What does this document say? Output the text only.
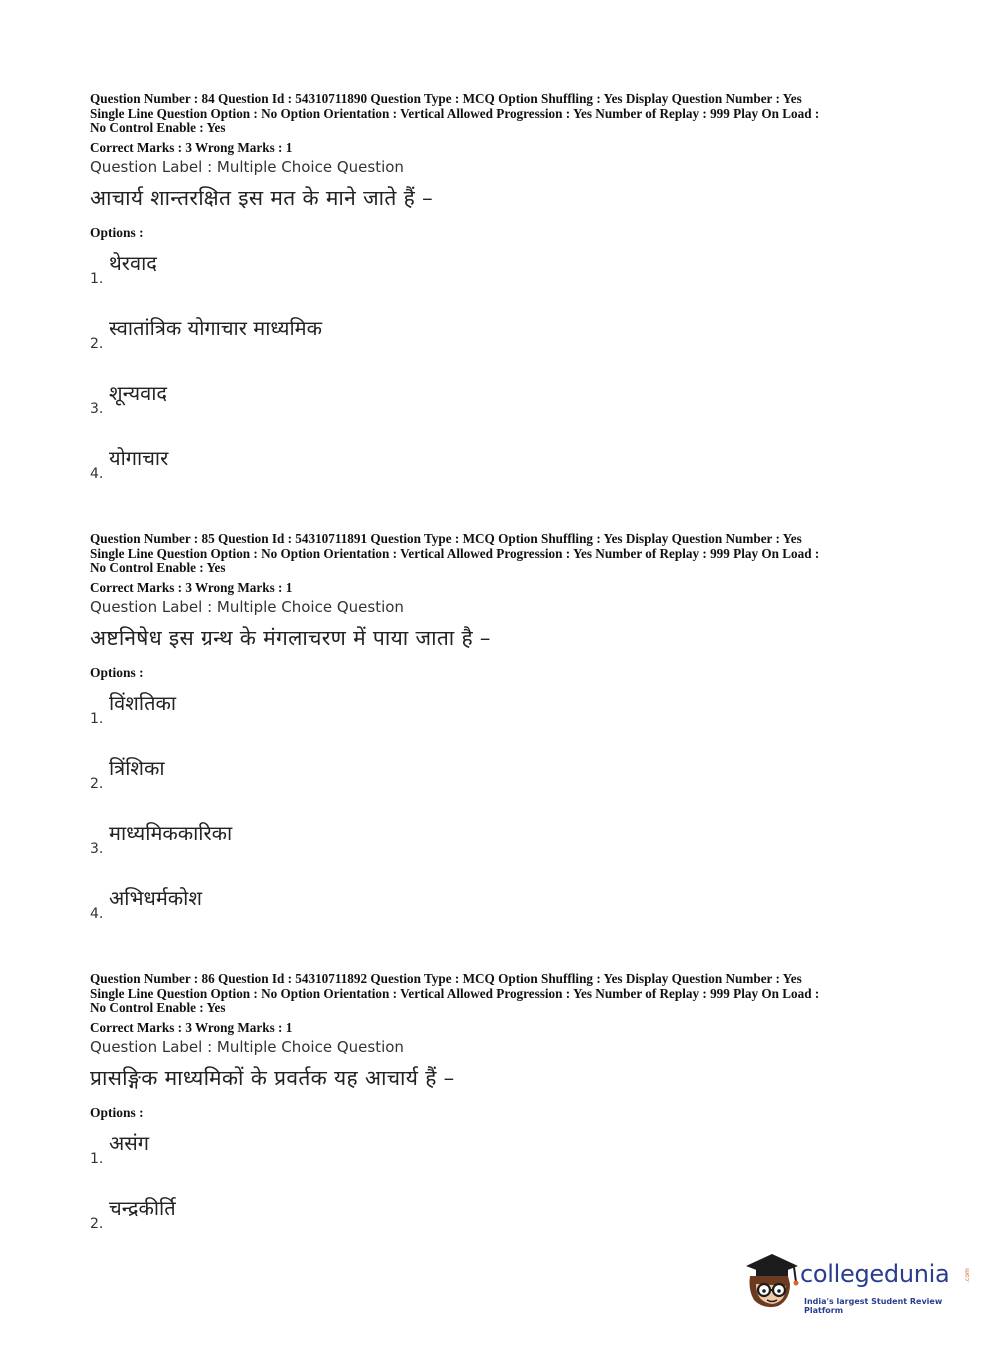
Question Number : 84 Question Id : 54310711890 Question Type : MCQ Option Shuffling : Yes Display Question Number : Yes
Single Line Question Option : No Option Orientation : Vertical Allowed Progression : Yes Number of Replay : 999 Play On Load :
No Control Enable : Yes
Correct Marks : 3 Wrong Marks : 1
Question Label : Multiple Choice Question
आचार्य शान्तरक्षित इस मत के माने जाते हैं –
Options :
1.
थेरवाद
2.
स्वातांत्रिक योगाचार माध्यमिक
3.
शून्यवाद
4.
योगाचार
Question Number : 85 Question Id : 54310711891 Question Type : MCQ Option Shuffling : Yes Display Question Number : Yes
Single Line Question Option : No Option Orientation : Vertical Allowed Progression : Yes Number of Replay : 999 Play On Load :
No Control Enable : Yes
Correct Marks : 3 Wrong Marks : 1
Question Label : Multiple Choice Question
अष्टनिषेध इस ग्रन्थ के मंगलाचरण में पाया जाता है –
Options :
1.
विंशतिका
2.
त्रिंशिका
3.
माध्यमिककारिका
4.
अभिधर्मकोश
Question Number : 86 Question Id : 54310711892 Question Type : MCQ Option Shuffling : Yes Display Question Number : Yes
Single Line Question Option : No Option Orientation : Vertical Allowed Progression : Yes Number of Replay : 999 Play On Load :
No Control Enable : Yes
Correct Marks : 3 Wrong Marks : 1
Question Label : Multiple Choice Question
प्रासङ्गिक माध्यमिकों के प्रवर्तक यह आचार्य हैं –
Options :
1.
असंग
2.
चन्द्रकीर्ति
collegedunia .com
India's largest Student Review Platform
